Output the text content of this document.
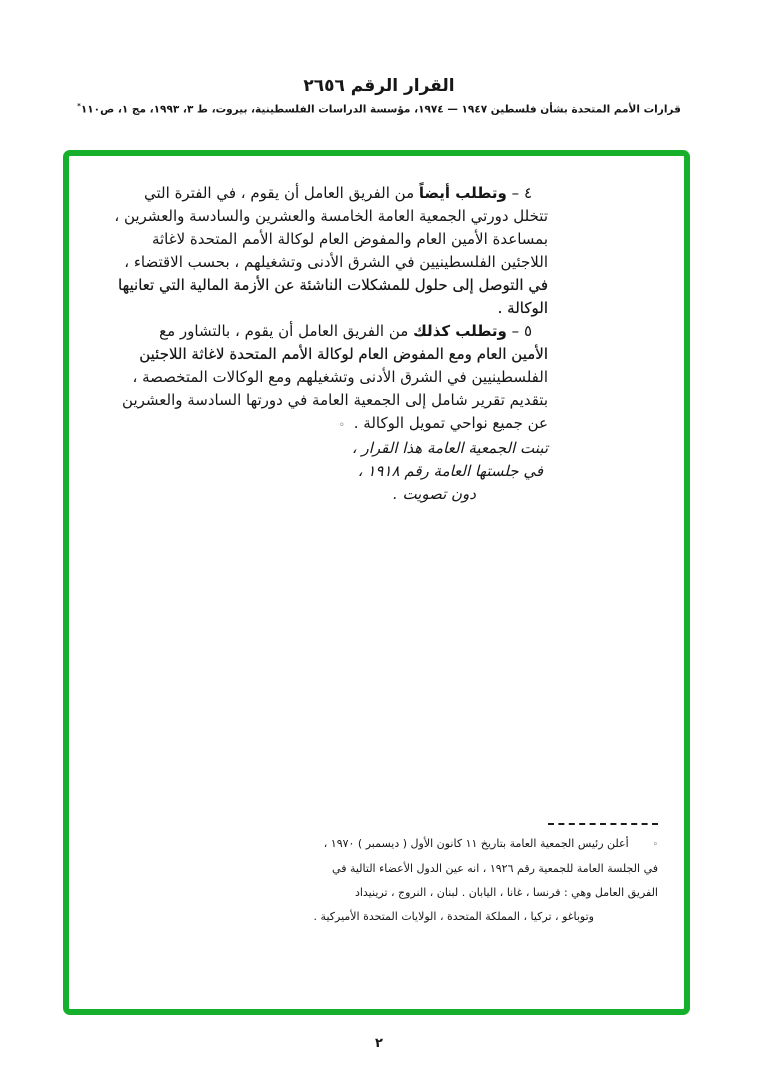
القرار الرقم ٢٦٥٦
قرارات الأمم المتحدة بشأن فلسطين ١٩٤٧ — ١٩٧٤، مؤسسة الدراسات الفلسطينية، بيروت، ط ٣، ١٩٩٣، مج ١، ص١١٠*
٤ – وتطلب أيضاً من الفريق العامل أن يقوم ، في الفترة التي
تتخلل دورتي الجمعية العامة الخامسة والعشرين والسادسة والعشرين ،
بمساعدة الأمين العام والمفوض العام لوكالة الأمم المتحدة لاغاثة
اللاجئين الفلسطينيين في الشرق الأدنى وتشغيلهم ، بحسب الاقتضاء ،
في التوصل إلى حلول للمشكلات الناشئة عن الأزمة المالية التي تعانيها
الوكالة .
٥ – وتطلب كذلك من الفريق العامل أن يقوم ، بالتشاور مع
الأمين العام ومع المفوض العام لوكالة الأمم المتحدة لاغاثة اللاجئين
الفلسطينيين في الشرق الأدنى وتشغيلهم ومع الوكالات المتخصصة ،
بتقديم تقرير شامل إلى الجمعية العامة في دورتها السادسة والعشرين
عن جميع نواحي تمويل الوكالة .◦
تبنت الجمعية العامة هذا القرار ،
في جلستها العامة رقم ١٩١٨ ،
دون تصويت .
◦أعلن رئيس الجمعية العامة بتاريخ ١١ كانون الأول ( ديسمبر ) ١٩٧٠ ،
في الجلسة العامة للجمعية رقم ١٩٢٦ ، انه عين الدول الأعضاء التالية في
الفريق العامل وهي : فرنسا ، غانا ، اليابان . لبنان ، النروج ، ترينيداد
وتوباغو ، تركيا ، المملكة المتحدة ، الولايات المتحدة الأميركية .
٢
